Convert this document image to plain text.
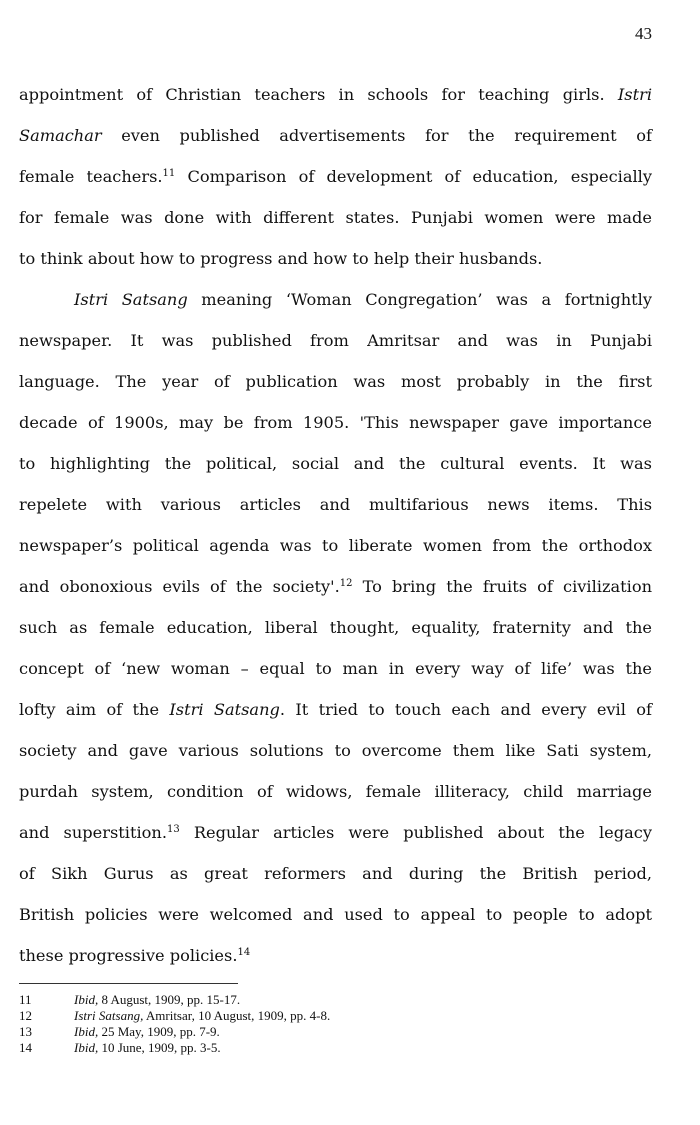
43
appointment of Christian teachers in schools for teaching girls. Istri
Samachar even published advertisements for the requirement of
female teachers.$^{11}$ Comparison of development of education, especially
for female was done with different states. Punjabi women were made
to think about how to progress and how to help their husbands.
Istri Satsang meaning ‘Woman Congregation’ was a fortnightly
newspaper. It was published from Amritsar and was in Punjabi
language. The year of publication was most probably in the first
decade of 1900s, may be from 1905. 'This newspaper gave importance
to highlighting the political, social and the cultural events. It was
repelete with various articles and multifarious news items. This
newspaper’s political agenda was to liberate women from the orthodox
and obonoxious evils of the society'.$^{12}$ To bring the fruits of civilization
such as female education, liberal thought, equality, fraternity and the
concept of ‘new woman – equal to man in every way of life’ was the
lofty aim of the Istri Satsang. It tried to touch each and every evil of
society and gave various solutions to overcome them like Sati system,
purdah system, condition of widows, female illiteracy, child marriage
and superstition.$^{13}$ Regular articles were published about the legacy
of Sikh Gurus as great reformers and during the British period,
British policies were welcomed and used to appeal to people to adopt
these progressive policies.$^{14}$
11	Ibid, 8 August, 1909, pp. 15-17.
12	Istri Satsang, Amritsar, 10 August, 1909, pp. 4-8.
13	Ibid, 25 May, 1909, pp. 7-9.
14	Ibid, 10 June, 1909, pp. 3-5.
